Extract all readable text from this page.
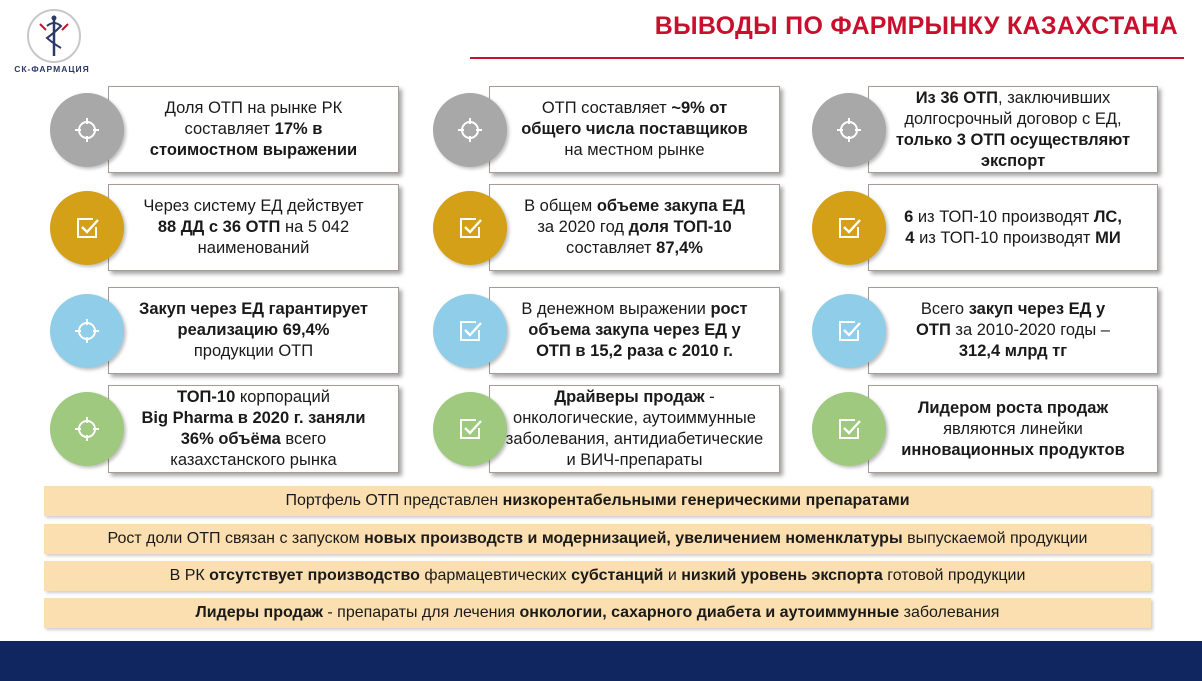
СК-ФАРМАЦИЯ
ВЫВОДЫ ПО ФАРМРЫНКУ КАЗАХСТАНА
Доля ОТП на рынке РК
составляет 17% в
стоимостном выражении
ОТП составляет ~9% от
общего числа поставщиков
на местном рынке
Из 36 ОТП, заключивших
долгосрочный договор с ЕД,
только 3 ОТП осуществляют
экспорт
Через систему ЕД действует
88 ДД с 36 ОТП на 5 042
наименований
В общем объеме закупа ЕД
за 2020 год доля ТОП-10
составляет 87,4%
6 из ТОП-10 производят ЛС,
4 из ТОП-10 производят МИ
Закуп через ЕД гарантирует
реализацию 69,4%
продукции ОТП
В денежном выражении рост
объема закупа через ЕД у
ОТП в 15,2 раза с 2010 г.
Всего закуп через ЕД у
ОТП за 2010-2020 годы –
312,4 млрд тг
ТОП-10 корпораций
Big Pharma в 2020 г. заняли
36% объёма всего
казахстанского рынка
Драйверы продаж -
онкологические, аутоиммунные
заболевания, антидиабетические
и ВИЧ-препараты
Лидером роста продаж
являются линейки
инновационных продуктов
Портфель ОТП представлен низкорентабельными генерическими препаратами
Рост доли ОТП связан с запуском новых производств и модернизацией, увеличением номенклатуры выпускаемой продукции
В РК отсутствует производство фармацевтических субстанций и низкий уровень экспорта готовой продукции
Лидеры продаж - препараты для лечения онкологии, сахарного диабета и аутоиммунные заболевания
